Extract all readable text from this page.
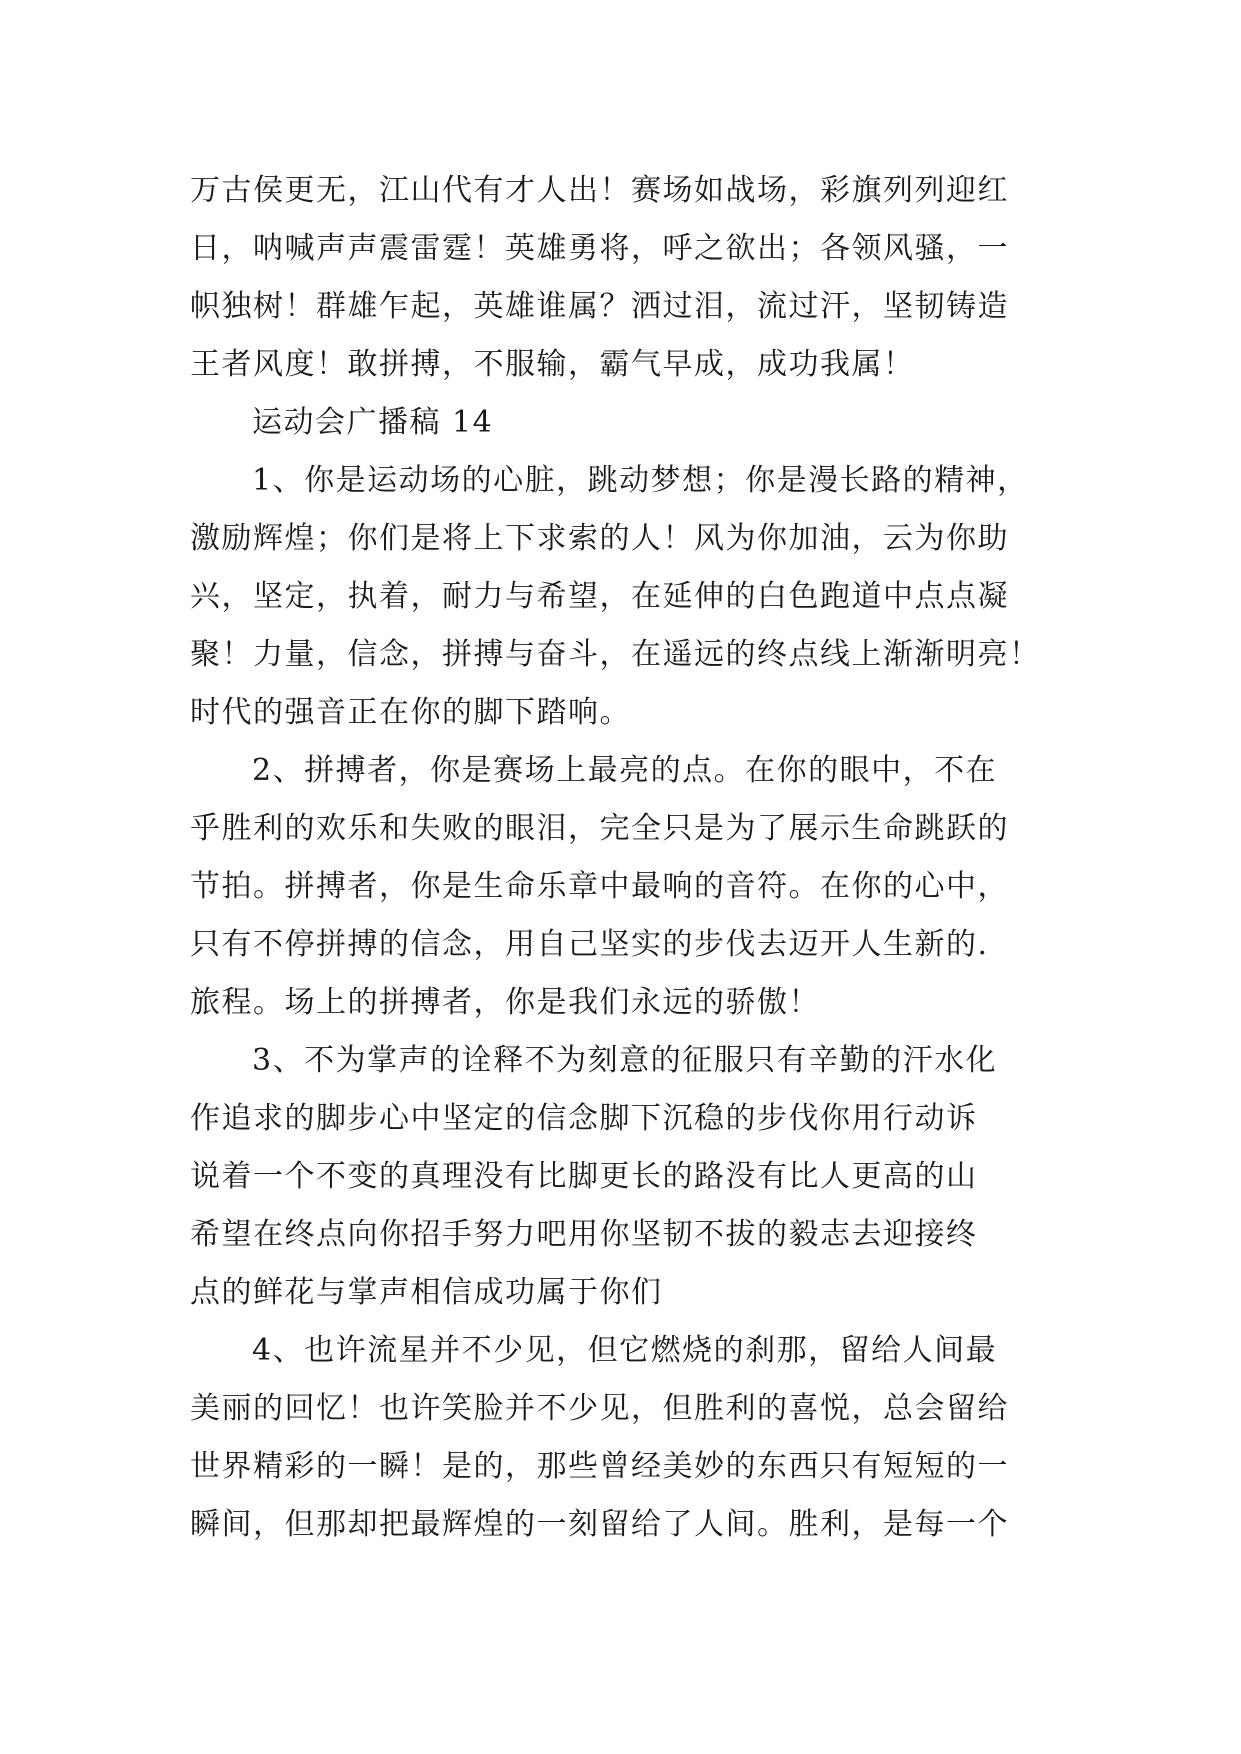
万古侯更无，江山代有才人出！赛场如战场，彩旗列列迎红
日，呐喊声声震雷霆！英雄勇将，呼之欲出；各领风骚，一
帜独树！群雄乍起，英雄谁属？洒过泪，流过汗，坚韧铸造
王者风度！敢拼搏，不服输，霸气早成，成功我属！
运动会广播稿 14
1、你是运动场的心脏，跳动梦想；你是漫长路的精神，
激励辉煌；你们是将上下求索的人！风为你加油，云为你助
兴，坚定，执着，耐力与希望，在延伸的白色跑道中点点凝
聚！力量，信念，拼搏与奋斗，在遥远的终点线上渐渐明亮！
时代的强音正在你的脚下踏响。
2、拼搏者，你是赛场上最亮的点。在你的眼中，不在
乎胜利的欢乐和失败的眼泪，完全只是为了展示生命跳跃的
节拍。拼搏者，你是生命乐章中最响的音符。在你的心中，
只有不停拼搏的信念，用自己坚实的步伐去迈开人生新的.
旅程。场上的拼搏者，你是我们永远的骄傲！
3、不为掌声的诠释不为刻意的征服只有辛勤的汗水化
作追求的脚步心中坚定的信念脚下沉稳的步伐你用行动诉
说着一个不变的真理没有比脚更长的路没有比人更高的山
希望在终点向你招手努力吧用你坚韧不拔的毅志去迎接终
点的鲜花与掌声相信成功属于你们
4、也许流星并不少见，但它燃烧的刹那，留给人间最
美丽的回忆！也许笑脸并不少见，但胜利的喜悦，总会留给
世界精彩的一瞬！是的，那些曾经美妙的东西只有短短的一
瞬间，但那却把最辉煌的一刻留给了人间。胜利，是每一个
